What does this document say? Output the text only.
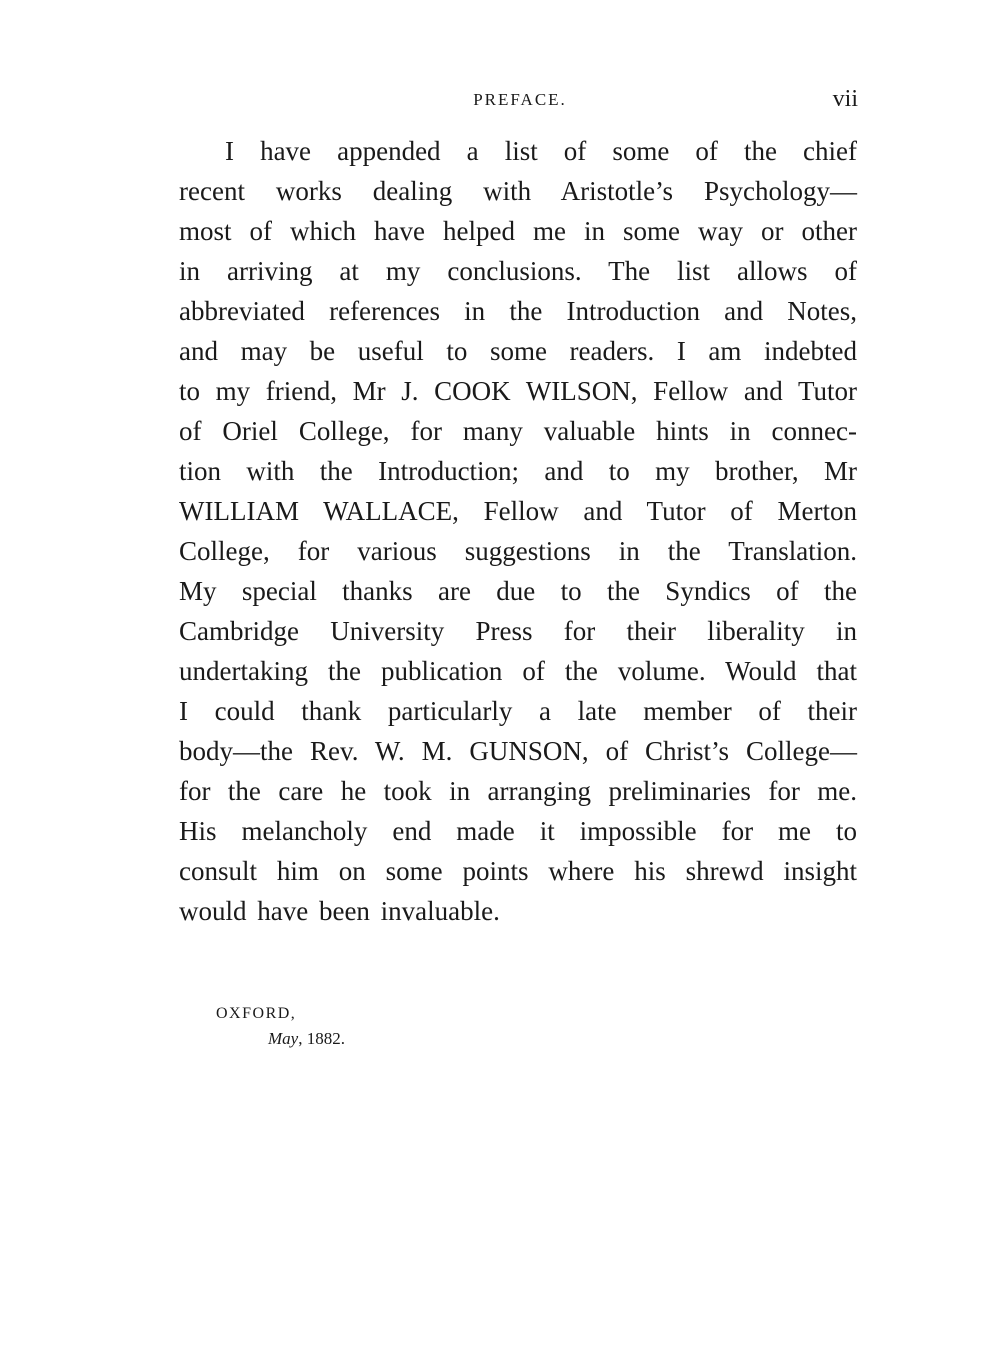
PREFACE.	vii
I have appended a list of some of the chief
recent works dealing with Aristotle’s Psychology—
most of which have helped me in some way or other
in arriving at my conclusions. The list allows of
abbreviated references in the Introduction and Notes,
and may be useful to some readers. I am indebted
to my friend, Mr J. COOK WILSON, Fellow and Tutor
of Oriel College, for many valuable hints in connec-
tion with the Introduction; and to my brother, Mr
WILLIAM WALLACE, Fellow and Tutor of Merton
College, for various suggestions in the Translation.
My special thanks are due to the Syndics of the
Cambridge University Press for their liberality in
undertaking the publication of the volume. Would that
I could thank particularly a late member of their
body—the Rev. W. M. GUNSON, of Christ’s College—
for the care he took in arranging preliminaries for me.
His melancholy end made it impossible for me to
consult him on some points where his shrewd insight
would have been invaluable.
OXFORD,
May, 1882.
